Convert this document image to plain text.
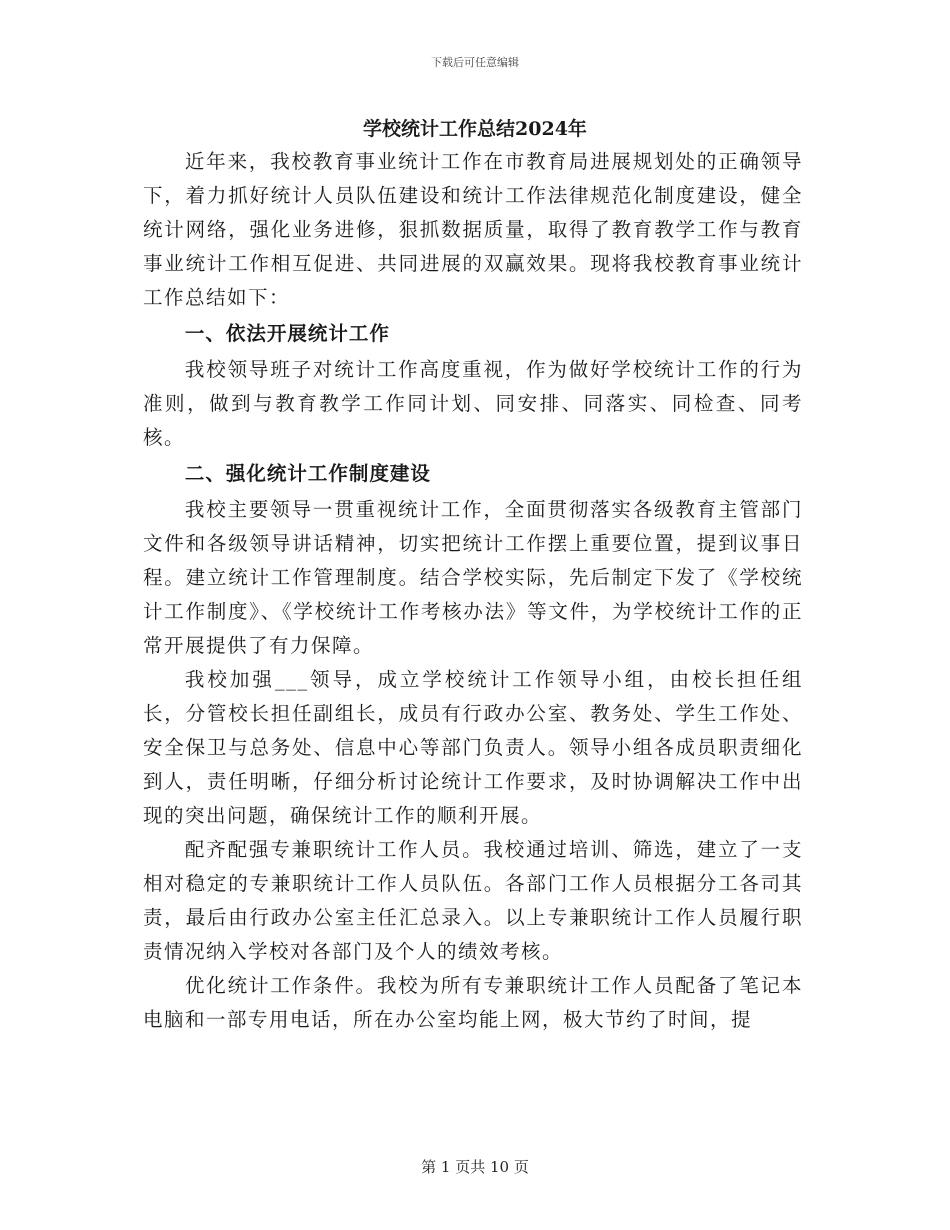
下载后可任意编辑
学校统计工作总结2024年

近年来，我校教育事业统计工作在市教育局进展规划处的正确领导下，着力抓好统计人员队伍建设和统计工作法律规范化制度建设，健全统计网络，强化业务进修，狠抓数据质量，取得了教育教学工作与教育事业统计工作相互促进、共同进展的双赢效果。现将我校教育事业统计工作总结如下：

一、依法开展统计工作

我校领导班子对统计工作高度重视，作为做好学校统计工作的行为准则，做到与教育教学工作同计划、同安排、同落实、同检查、同考核。

二、强化统计工作制度建设

我校主要领导一贯重视统计工作，全面贯彻落实各级教育主管部门文件和各级领导讲话精神，切实把统计工作摆上重要位置，提到议事日程。建立统计工作管理制度。结合学校实际，先后制定下发了《学校统计工作制度》、《学校统计工作考核办法》等文件，为学校统计工作的正常开展提供了有力保障。

我校加强___领导，成立学校统计工作领导小组，由校长担任组长，分管校长担任副组长，成员有行政办公室、教务处、学生工作处、安全保卫与总务处、信息中心等部门负责人。领导小组各成员职责细化到人，责任明晰，仔细分析讨论统计工作要求，及时协调解决工作中出现的突出问题，确保统计工作的顺利开展。

配齐配强专兼职统计工作人员。我校通过培训、筛选，建立了一支相对稳定的专兼职统计工作人员队伍。各部门工作人员根据分工各司其责，最后由行政办公室主任汇总录入。以上专兼职统计工作人员履行职责情况纳入学校对各部门及个人的绩效考核。

优化统计工作条件。我校为所有专兼职统计工作人员配备了笔记本电脑和一部专用电话，所在办公室均能上网，极大节约了时间，提

第 1 页共 10 页
